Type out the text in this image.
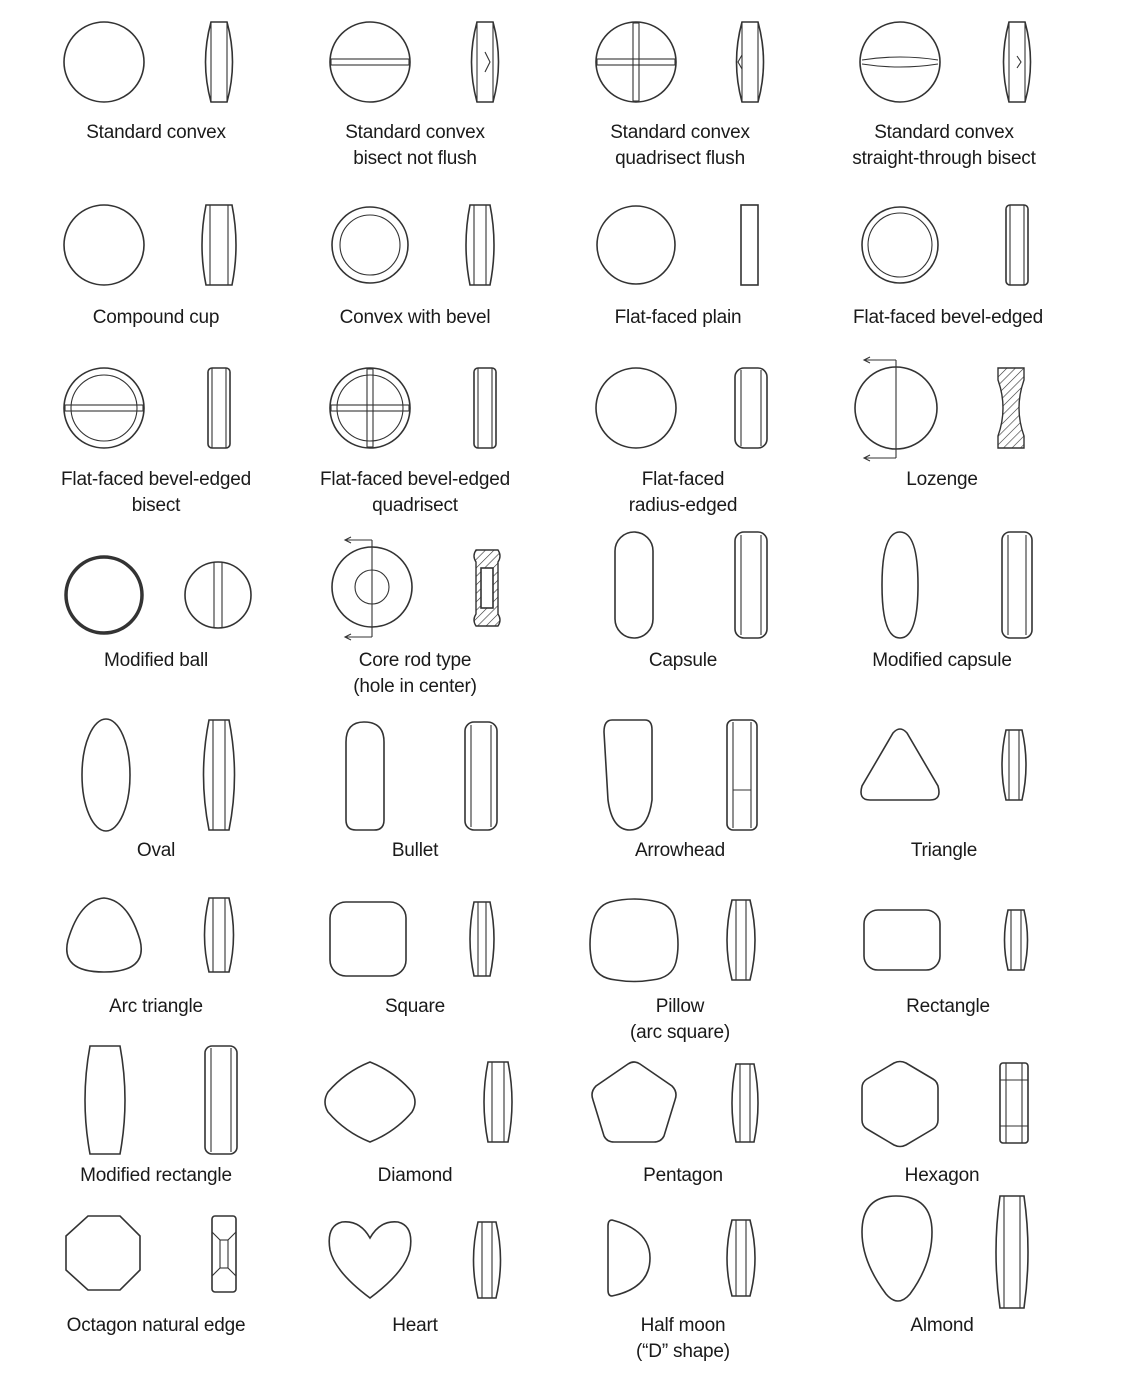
Standard convex	Standard convex
bisect not flush
Standard convex
quadrisect flush
Standard convex
straight-through bisect
Compound cup	Convex with bevel	Flat-faced plain	Flat-faced bevel-edged
Flat-faced bevel-edged
bisect
Flat-faced bevel-edged
quadrisect
Flat-faced
radius-edged
Lozenge
Modified ball	Core rod type
(hole in center)
Capsule	Modified capsule
Oval	Bullet	Arrowhead	Triangle
Arc triangle	Square	Pillow
(arc square)
Rectangle
Modified rectangle	Diamond	Pentagon	Hexagon
Octagon natural edge	Heart	Half moon
(“D” shape)
Almond
